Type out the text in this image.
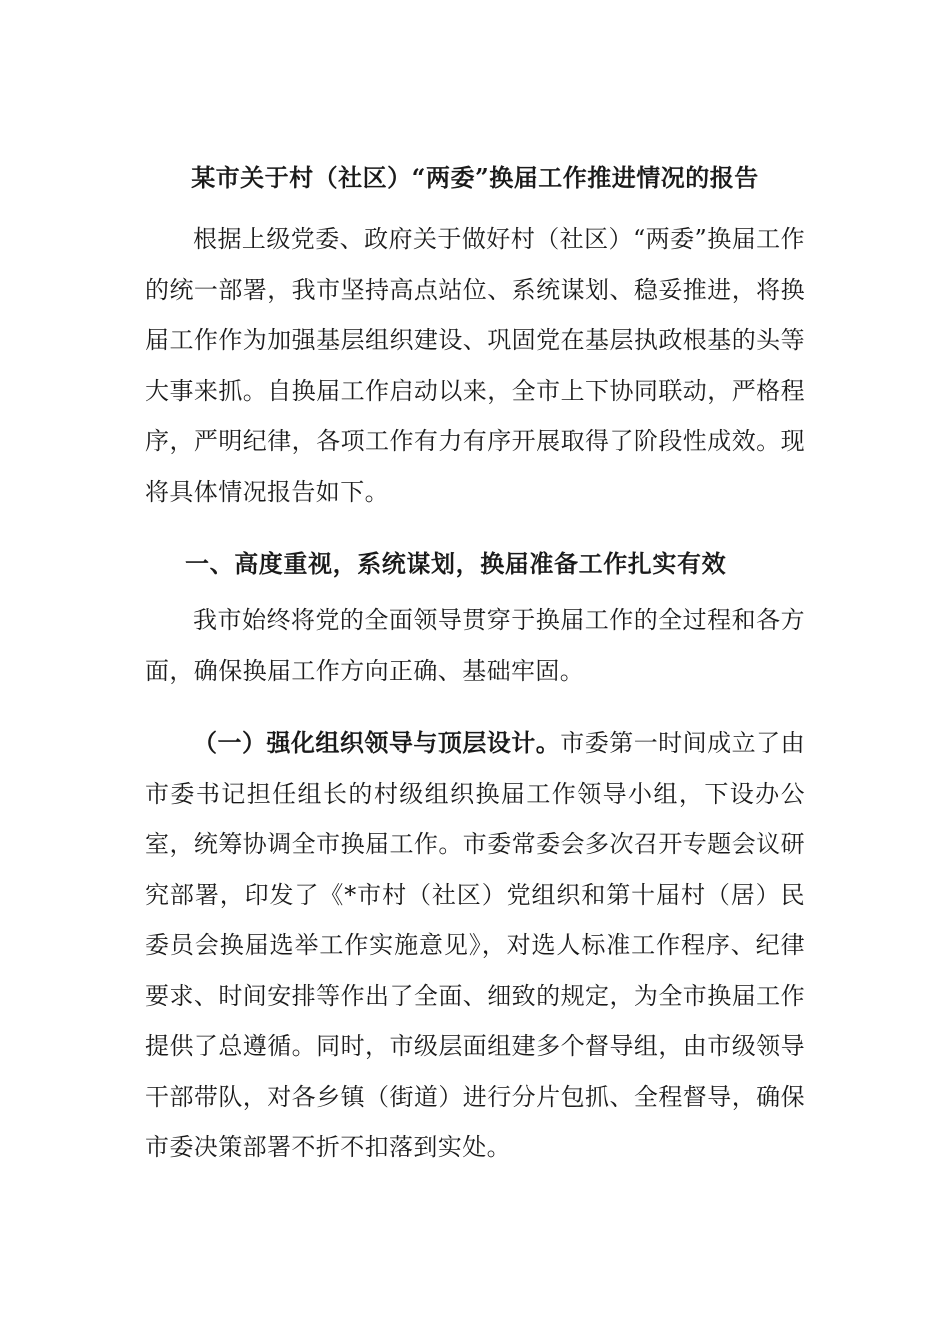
某市关于村（社区）“两委”换届工作推进情况的报告

根据上级党委、政府关于做好村（社区）“两委”换届工作的统一部署，我市坚持高点站位、系统谋划、稳妥推进，将换届工作作为加强基层组织建设、巩固党在基层执政根基的头等大事来抓。自换届工作启动以来，全市上下协同联动，严格程序，严明纪律，各项工作有力有序开展取得了阶段性成效。现将具体情况报告如下。

一、高度重视，系统谋划，换届准备工作扎实有效

我市始终将党的全面领导贯穿于换届工作的全过程和各方面，确保换届工作方向正确、基础牢固。

（一）强化组织领导与顶层设计。市委第一时间成立了由市委书记担任组长的村级组织换届工作领导小组，下设办公室，统筹协调全市换届工作。市委常委会多次召开专题会议研究部署，印发了《*市村（社区）党组织和第十届村（居）民委员会换届选举工作实施意见》，对选人标准工作程序、纪律要求、时间安排等作出了全面、细致的规定，为全市换届工作提供了总遵循。同时，市级层面组建多个督导组，由市级领导干部带队，对各乡镇（街道）进行分片包抓、全程督导，确保市委决策部署不折不扣落到实处。
